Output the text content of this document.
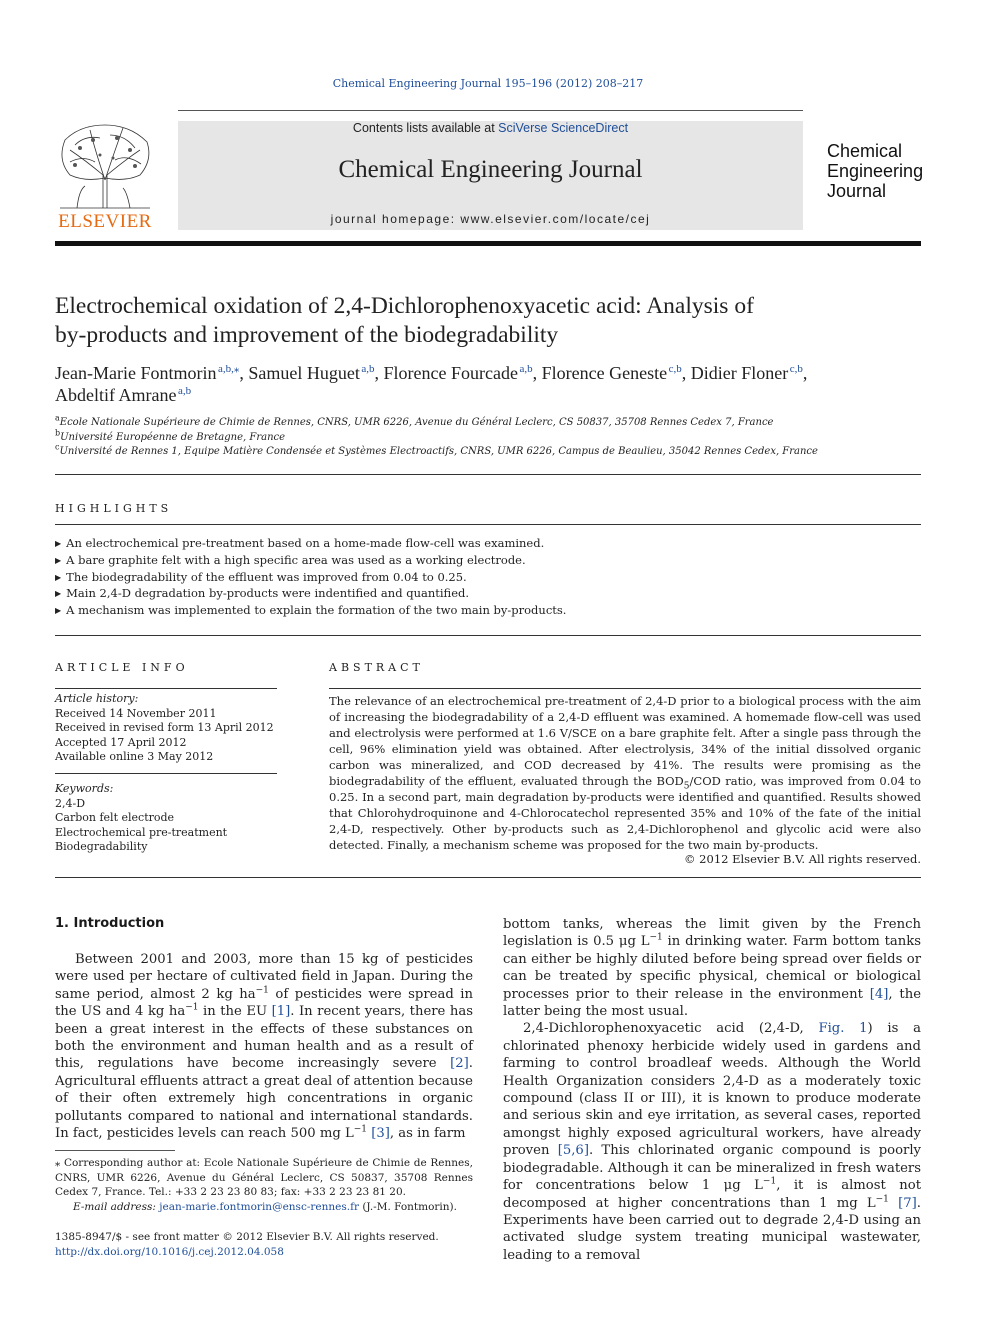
Chemical Engineering Journal 195–196 (2012) 208–217
ELSEVIER
Contents lists available at SciVerse ScienceDirect
Chemical Engineering Journal
journal homepage: www.elsevier.com/locate/cej
Chemical
Engineering
Journal
Electrochemical oxidation of 2,4-Dichlorophenoxyacetic acid: Analysis of
by-products and improvement of the biodegradability
Jean-Marie Fontmorin  $^{a,b,⁎}$, Samuel Huguet  $^{a,b}$, Florence Fourcade  $^{a,b}$, Florence Geneste  $^{c,b}$, Didier Floner  $^{c,b}$,
Abdeltif Amrane  $^{a,b}$
$^a$Ecole Nationale Supérieure de Chimie de Rennes, CNRS, UMR 6226, Avenue du Général Leclerc, CS 50837, 35708 Rennes Cedex 7, France
$^b$Université Européenne de Bretagne, France
$^c$Université de Rennes 1, Equipe Matière Condensée et Systèmes Electroactifs, CNRS, UMR 6226, Campus de Beaulieu, 35042 Rennes Cedex, France
HIGHLIGHTS
▶ An electrochemical pre-treatment based on a home-made flow-cell was examined.
▶ A bare graphite felt with a high specific area was used as a working electrode.
▶ The biodegradability of the effluent was improved from 0.04 to 0.25.
▶ Main 2,4-D degradation by-products were indentified and quantified.
▶ A mechanism was implemented to explain the formation of the two main by-products.
ARTICLE INFO
Article history:
Received 14 November 2011
Received in revised form 13 April 2012
Accepted 17 April 2012
Available online 3 May 2012
Keywords:
2,4-D
Carbon felt electrode
Electrochemical pre-treatment
Biodegradability
ABSTRACT
The relevance of an electrochemical pre-treatment of 2,4-D prior to a biological process with the aim of increasing the biodegradability of a 2,4-D effluent was examined. A homemade flow-cell was used and electrolysis were performed at 1.6 V/SCE on a bare graphite felt. After a single pass through the cell, 96% elimination yield was obtained. After electrolysis, 34% of the initial dissolved organic carbon was mineralized, and COD decreased by 41%. The results were promising as the biodegradability of the effluent, evaluated through the $BOD_5$/COD ratio, was improved from 0.04 to 0.25. In a second part, main degradation by-products were identified and quantified. Results showed that Chlorohydroquinone and 4-Chlorocatechol represented 35% and 10% of the fate of the initial 2,4-D, respectively. Other by-products such as 2,4-Dichlorophenol and glycolic acid were also detected. Finally, a mechanism scheme was proposed for the two main by-products.
© 2012 Elsevier B.V. All rights reserved.
1. Introduction

Between 2001 and 2003, more than 15 kg of pesticides were used per hectare of cultivated field in Japan. During the same period, almost 2 kg $ha^{-1}$ of pesticides were spread in the US and 4 kg $ha^{-1}$ in the EU [1]. In recent years, there has been a great interest in the effects of these substances on both the environment and human health and as a result of this, regulations have become increasingly severe [2]. Agricultural effluents attract a great deal of attention because of their often extremely high concentrations in organic pollutants compared to national and international standards. In fact, pesticides levels can reach 500 mg $L^{-1}$ [3], as in farm

bottom tanks, whereas the limit given by the French legislation is 0.5 μg $L^{-1}$ in drinking water. Farm bottom tanks can either be highly diluted before being spread over fields or can be treated by specific physical, chemical or biological processes prior to their release in the environment [4], the latter being the most usual.

2,4-Dichlorophenoxyacetic acid (2,4-D, Fig. 1) is a chlorinated phenoxy herbicide widely used in gardens and farming to control broadleaf weeds. Although the World Health Organization considers 2,4-D as a moderately toxic compound (class II or III), it is known to produce moderate and serious skin and eye irritation, as several cases, reported amongst highly exposed agricultural workers, have already proven [5,6]. This chlorinated organic compound is poorly biodegradable. Although it can be mineralized in fresh waters for concentrations below 1 μg $L^{-1}$, it is almost not decomposed at higher concentrations than 1 mg $L^{-1}$ [7]. Experiments have been carried out to degrade 2,4-D using an activated sludge system treating municipal wastewater, leading to a removal

⁎ Corresponding author at: Ecole Nationale Supérieure de Chimie de Rennes, CNRS, UMR 6226, Avenue du Général Leclerc, CS 50837, 35708 Rennes Cedex 7, France. Tel.: +33 2 23 23 80 83; fax: +33 2 23 23 81 20.
E-mail address: jean-marie.fontmorin@ensc-rennes.fr (J.-M. Fontmorin).
1385-8947/$ - see front matter © 2012 Elsevier B.V. All rights reserved.
http://dx.doi.org/10.1016/j.cej.2012.04.058
